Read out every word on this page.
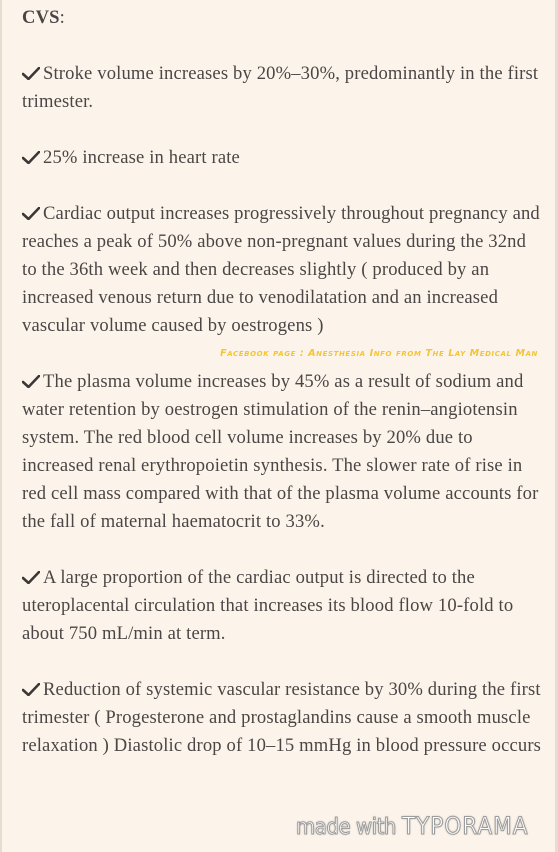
CVS:
Stroke volume increases by 20%–30%, predominantly in the first trimester.
25% increase in heart rate
Cardiac output increases progressively throughout pregnancy and reaches a peak of 50% above non-pregnant values during the 32nd to the 36th week and then decreases slightly ( produced by an increased venous return due to venodilatation and an increased vascular volume caused by oestrogens )
Facebook page : Anesthesia Info from The Lay Medical Man
The plasma volume increases by 45% as a result of sodium and water retention by oestrogen stimulation of the renin–angiotensin system. The red blood cell volume increases by 20% due to increased renal erythropoietin synthesis. The slower rate of rise in red cell mass compared with that of the plasma volume accounts for the fall of maternal haematocrit to 33%.
A large proportion of the cardiac output is directed to the uteroplacental circulation that increases its blood flow 10-fold to about 750 mL/min at term.
Reduction of systemic vascular resistance by 30% during the first trimester ( Progesterone and prostaglandins cause a smooth muscle relaxation ) Diastolic drop of 10–15 mmHg in blood pressure occurs
made with TYPORAMA
